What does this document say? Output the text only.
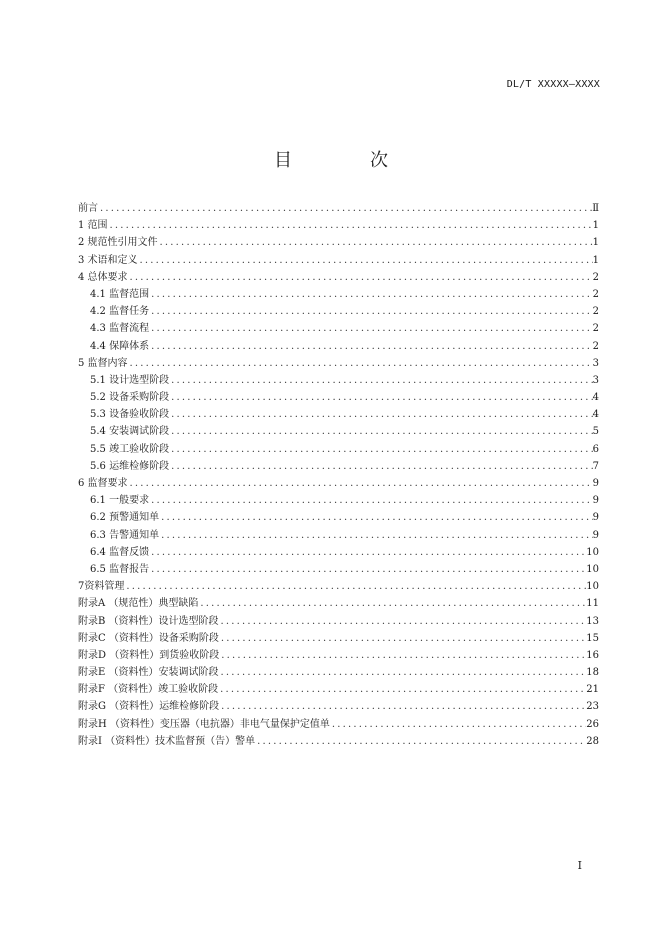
DL/T XXXXX—XXXX
目　次
前言 .....	Ⅱ
1 范围 .....	1
2 规范性引用文件 .....	1
3 术语和定义 .....	1
4 总体要求 .....	2
4.1 监督范围 .....	2
4.2 监督任务 .....	2
4.3 监督流程 .....	2
4.4 保障体系 .....	2
5 监督内容 .....	3
5.1 设计选型阶段 .....	3
5.2 设备采购阶段 .....	4
5.3 设备验收阶段 .....	4
5.4 安装调试阶段 .....	5
5.5 竣工验收阶段 .....	6
5.6 运维检修阶段 .....	7
6 监督要求 .....	9
6.1 一般要求 .....	9
6.2 预警通知单 .....	9
6.3 告警通知单 .....	9
6.4 监督反馈 .....	10
6.5 监督报告 .....	10
7资料管理 .....	10
附录A （规范性）典型缺陷 .....	11
附录B （资料性）设计选型阶段 .....	13
附录C （资料性）设备采购阶段 .....	15
附录D （资料性）到货验收阶段 .....	16
附录E （资料性）安装调试阶段 .....	18
附录F （资料性）竣工验收阶段 .....	21
附录G （资料性）运维检修阶段 .....	23
附录H （资料性）变压器（电抗器）非电气量保护定值单 .....	26
附录I （资料性）技术监督预（告）警单 .....	28
I
